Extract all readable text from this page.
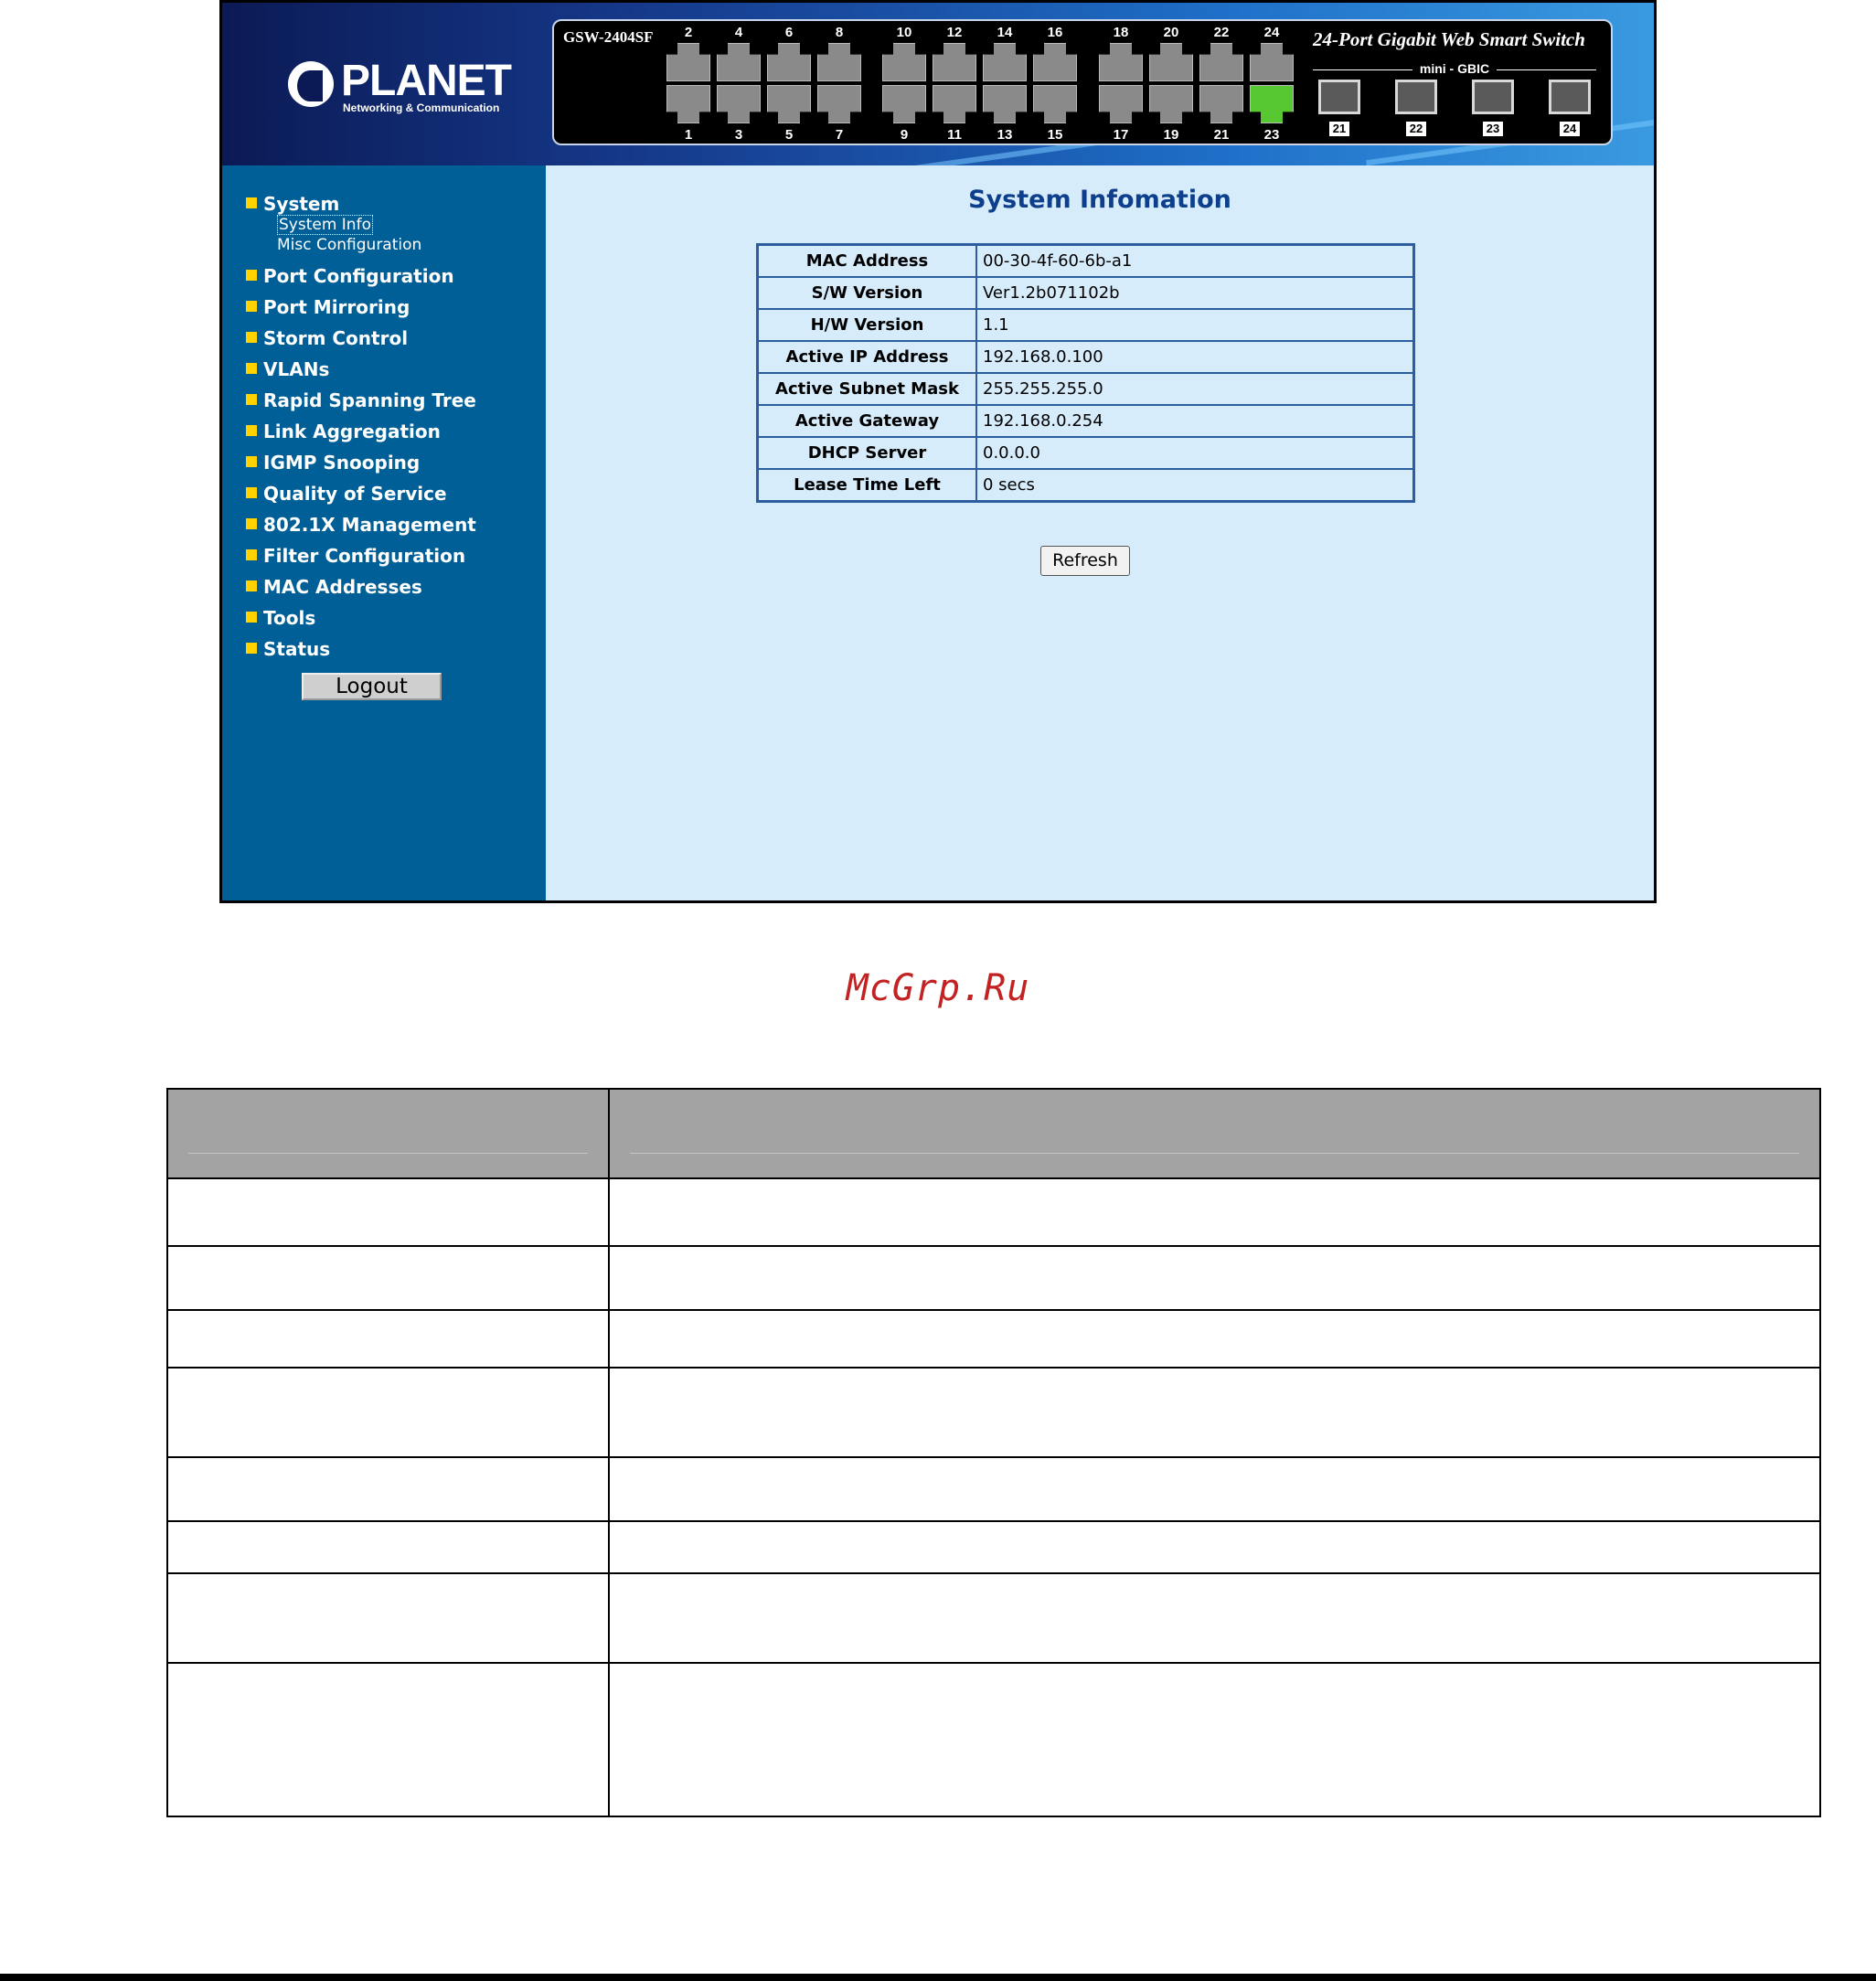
PLANET
Networking & Communication
GSW-2404SF	2	4	6	8	10	12	14	16	18	20	22	24
1	3	5	7	9	11	13	15	17	19	21	23
24-Port Gigabit Web Smart Switch
mini - GBIC
21	22	23	24
System
System Info
Misc Configuration
Port Configuration
Port Mirroring
Storm Control
VLANs
Rapid Spanning Tree
Link Aggregation
IGMP Snooping
Quality of Service
802.1X Management
Filter Configuration
MAC Addresses
Tools
Status
Logout
System Infomation
MAC Address	00-30-4f-60-6b-a1
S/W Version	Ver1.2b071102b
H/W Version	1.1
Active IP Address	192.168.0.100
Active Subnet Mask	255.255.255.0
Active Gateway	192.168.0.254
DHCP Server	0.0.0.0
Lease Time Left	0 secs
Refresh
McGrp.Ru
